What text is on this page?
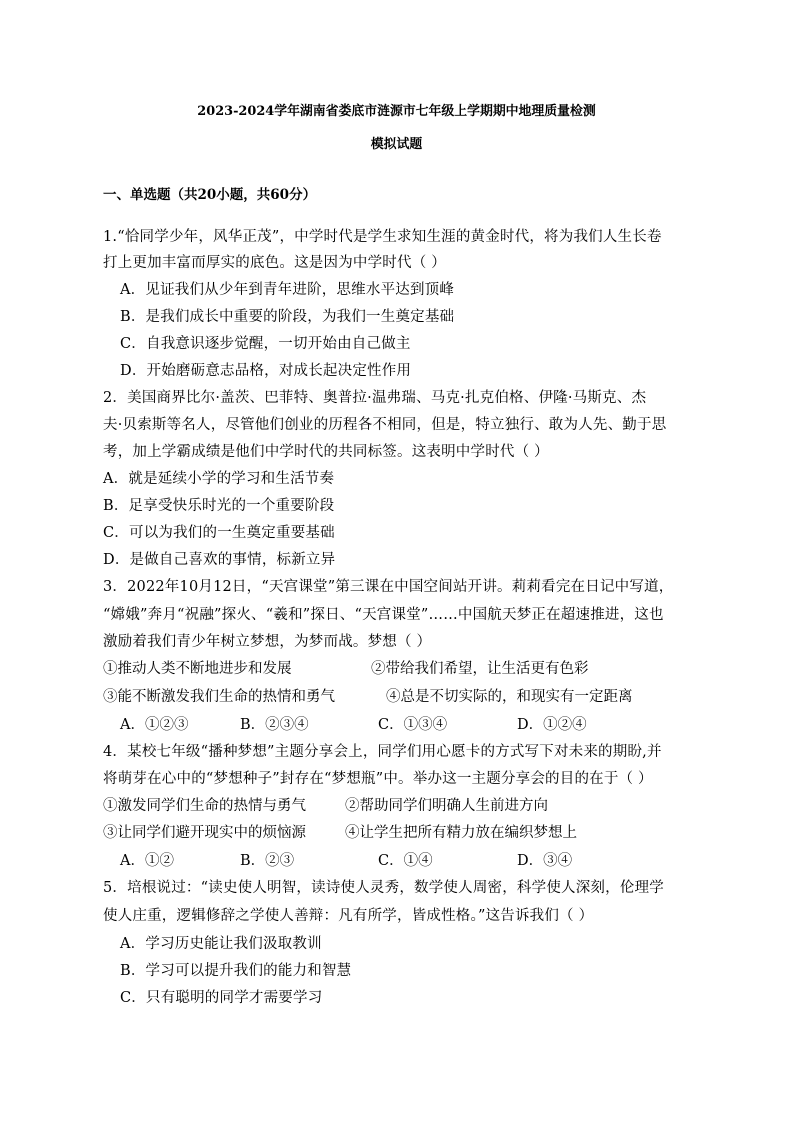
2023-2024学年湖南省娄底市涟源市七年级上学期期中地理质量检测
模拟试题
一、单选题（共20小题，共60分）
1.“恰同学少年，风华正茂”，中学时代是学生求知生涯的黄金时代，将为我们人生长卷
打上更加丰富而厚实的底色。这是因为中学时代（ ）
A．见证我们从少年到青年进阶，思维水平达到顶峰
B．是我们成长中重要的阶段，为我们一生奠定基础
C．自我意识逐步觉醒，一切开始由自己做主
D．开始磨砺意志品格，对成长起决定性作用
2．美国商界比尔·盖茨、巴菲特、奥普拉·温弗瑞、马克·扎克伯格、伊隆·马斯克、杰
夫·贝索斯等名人，尽管他们创业的历程各不相同，但是，特立独行、敢为人先、勤于思
考，加上学霸成绩是他们中学时代的共同标签。这表明中学时代（ ）
A．就是延续小学的学习和生活节奏
B．足享受快乐时光的一个重要阶段
C．可以为我们的一生奠定重要基础
D．是做自己喜欢的事情，标新立异
3．2022年10月12日，“天宫课堂”第三课在中国空间站开讲。莉莉看完在日记中写道，
“嫦娥”奔月“祝融”探火、“羲和”探日、“天宫课堂”……中国航天梦正在超速推进，这也
激励着我们青少年树立梦想，为梦而战。梦想（ ）
①推动人类不断地进步和发展	②带给我们希望，让生活更有色彩
③能不断激发我们生命的热情和勇气	④总是不切实际的，和现实有一定距离
A．①②③	B．②③④	C．①③④	D．①②④
4．某校七年级“播种梦想”主题分享会上，同学们用心愿卡的方式写下对未来的期盼,并
将萌芽在心中的“梦想种子”封存在“梦想瓶”中。举办这一主题分享会的目的在于（ ）
①激发同学们生命的热情与勇气	②帮助同学们明确人生前进方向
③让同学们避开现实中的烦恼源	④让学生把所有精力放在编织梦想上
A．①②	B．②③	C．①④	D．③④
5．培根说过：“读史使人明智，读诗使人灵秀，数学使人周密，科学使人深刻，伦理学
使人庄重，逻辑修辞之学使人善辩：凡有所学，皆成性格。”这告诉我们（ ）
A．学习历史能让我们汲取教训
B．学习可以提升我们的能力和智慧
C．只有聪明的同学才需要学习
